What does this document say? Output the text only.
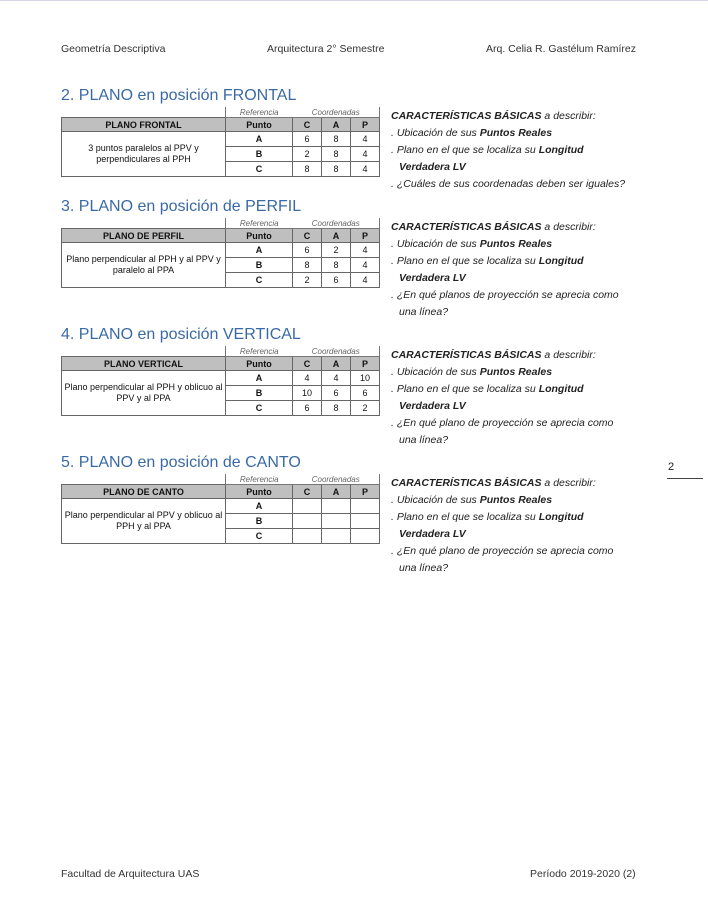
Geometría Descriptiva	Arquitectura 2° Semestre	Arq. Celia R. Gastélum Ramírez
2. PLANO en posición FRONTAL
	Referencia	Coordenadas		
PLANO FRONTAL	Punto	C	A	P
3 puntos paralelos al PPV y perpendiculares al PPH	A	6	8	4
	B	2	8	4
	C	8	8	4
CARACTERÍSTICAS BÁSICAS a describir:
. Ubicación de sus Puntos Reales
. Plano en el que se localiza su Longitud
Verdadera LV
. ¿Cuáles de sus coordenadas deben ser iguales?
3. PLANO en posición de PERFIL
	Referencia	Coordenadas		
PLANO DE PERFIL	Punto	C	A	P
Plano perpendicular al PPH y al PPV y paralelo al PPA	A	6	2	4
	B	8	8	4
	C	2	6	4
CARACTERÍSTICAS BÁSICAS a describir:
. Ubicación de sus Puntos Reales
. Plano en el que se localiza su Longitud
Verdadera LV
. ¿En qué planos de proyección se aprecia como
una línea?
4. PLANO en posición VERTICAL
	Referencia	Coordenadas		
PLANO VERTICAL	Punto	C	A	P
Plano perpendicular al PPH y oblicuo al PPV y al PPA	A	4	4	10
	B	10	6	6
	C	6	8	2
CARACTERÍSTICAS BÁSICAS a describir:
. Ubicación de sus Puntos Reales
. Plano en el que se localiza su Longitud
Verdadera LV
. ¿En qué plano de proyección se aprecia como
una línea?
5. PLANO en posición de CANTO
	Referencia	Coordenadas		
PLANO DE CANTO	Punto	C	A	P
Plano perpendicular al PPV y oblicuo al PPH y al PPA	A			
	B			
	C			
CARACTERÍSTICAS BÁSICAS a describir:
. Ubicación de sus Puntos Reales
. Plano en el que se localiza su Longitud
Verdadera LV
. ¿En qué plano de proyección se aprecia como
una línea?
2
Facultad de Arquitectura UAS	Período 2019-2020 (2)
